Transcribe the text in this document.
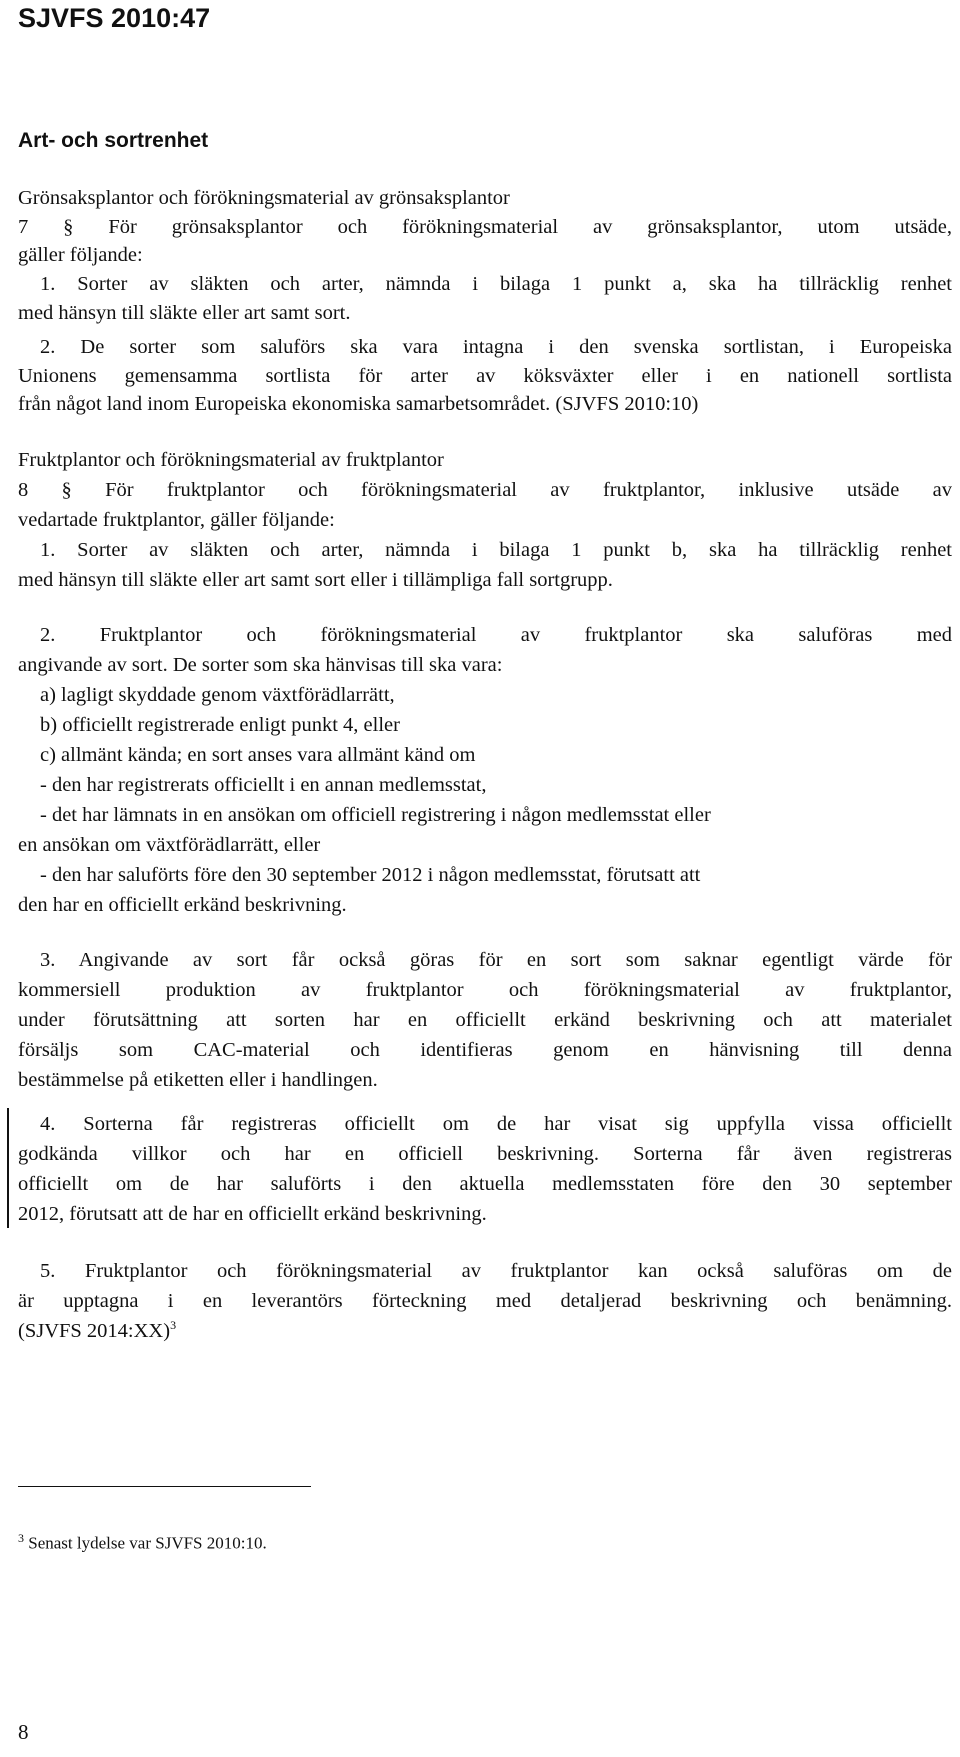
SJVFS 2010:47
Art- och sortrenhet
Grönsaksplantor och förökningsmaterial av grönsaksplantor
7 § För grönsaksplantor och förökningsmaterial av grönsaksplantor, utom utsäde,
gäller följande:
1. Sorter av släkten och arter, nämnda i bilaga 1 punkt a, ska ha tillräcklig renhet
med hänsyn till släkte eller art samt sort.
2. De sorter som saluförs ska vara intagna i den svenska sortlistan, i Europeiska
Unionens gemensamma sortlista för arter av köksväxter eller i en nationell sortlista
från något land inom Europeiska ekonomiska samarbetsområdet. (SJVFS 2010:10)
Fruktplantor och förökningsmaterial av fruktplantor
8 § För fruktplantor och förökningsmaterial av fruktplantor, inklusive utsäde av
vedartade fruktplantor, gäller följande:
1. Sorter av släkten och arter, nämnda i bilaga 1 punkt b, ska ha tillräcklig renhet
med hänsyn till släkte eller art samt sort eller i tillämpliga fall sortgrupp.
2. Fruktplantor och förökningsmaterial av fruktplantor ska saluföras med
angivande av sort. De sorter som ska hänvisas till ska vara:
a) lagligt skyddade genom växtförädlarrätt,
b) officiellt registrerade enligt punkt 4, eller
c) allmänt kända; en sort anses vara allmänt känd om
- den har registrerats officiellt i en annan medlemsstat,
- det har lämnats in en ansökan om officiell registrering i någon medlemsstat eller
en ansökan om växtförädlarrätt, eller
- den har saluförts före den 30 september 2012 i någon medlemsstat, förutsatt att
den har en officiellt erkänd beskrivning.
3. Angivande av sort får också göras för en sort som saknar egentligt värde för
kommersiell produktion av fruktplantor och förökningsmaterial av fruktplantor,
under förutsättning att sorten har en officiellt erkänd beskrivning och att materialet
försäljs som CAC-material och identifieras genom en hänvisning till denna
bestämmelse på etiketten eller i handlingen.
4. Sorterna får registreras officiellt om de har visat sig uppfylla vissa officiellt
godkända villkor och har en officiell beskrivning. Sorterna får även registreras
officiellt om de har saluförts i den aktuella medlemsstaten före den 30 september
2012, förutsatt att de har en officiellt erkänd beskrivning.
5. Fruktplantor och förökningsmaterial av fruktplantor kan också saluföras om de
är upptagna i en leverantörs förteckning med detaljerad beskrivning och benämning.
(SJVFS 2014:XX)$^3$
$^3$ Senast lydelse var SJVFS 2010:10.
8
